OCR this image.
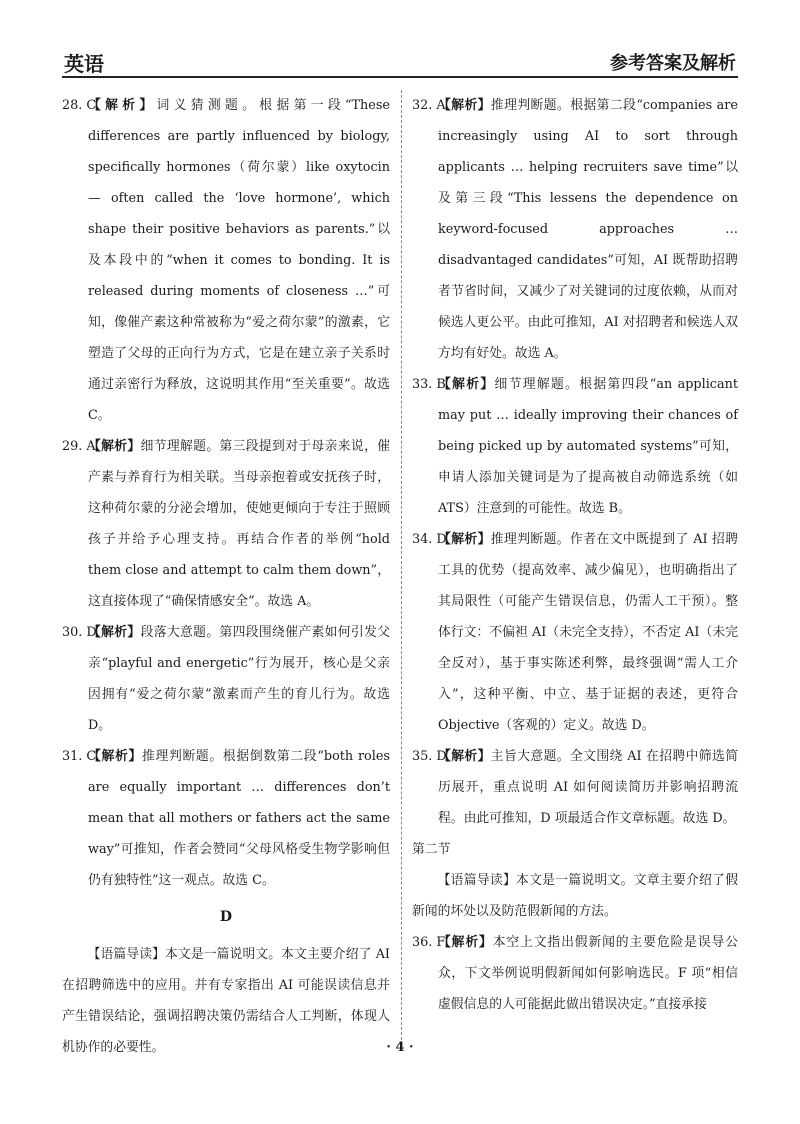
英语	参考答案及解析
28. C

【解析】词义猜测题。根据第一段“These differences are partly influenced by biology, specifically hormones（荷尔蒙）like oxytocin — often called the ‘love hormone’, which shape their positive behaviors as parents.”以及本段中的“when it comes to bonding. It is released during moments of closeness …”可知，像催产素这种常被称为“爱之荷尔蒙”的激素，它塑造了父母的正向行为方式，它是在建立亲子关系时通过亲密行为释放，这说明其作用“至关重要”。故选 C。

29. A

【解析】细节理解题。第三段提到对于母亲来说，催产素与养育行为相关联。当母亲抱着或安抚孩子时，这种荷尔蒙的分泌会增加，使她更倾向于专注于照顾孩子并给予心理支持。再结合作者的举例“hold them close and attempt to calm them down”，这直接体现了“确保情感安全”。故选 A。

30. D

【解析】段落大意题。第四段围绕催产素如何引发父亲“playful and energetic”行为展开，核心是父亲因拥有“爱之荷尔蒙”激素而产生的育儿行为。故选 D。

31. C

【解析】推理判断题。根据倒数第二段“both roles are equally important … differences don’t mean that all mothers or fathers act the same way”可推知，作者会赞同“父母风格受生物学影响但仍有独特性”这一观点。故选 C。

D

【语篇导读】本文是一篇说明文。本文主要介绍了 AI 在招聘筛选中的应用。并有专家指出 AI 可能误读信息并产生错误结论，强调招聘决策仍需结合人工判断，体现人机协作的必要性。

32. A

【解析】推理判断题。根据第二段“companies are increasingly using AI to sort through applicants … helping recruiters save time”以及第三段“This lessens the dependence on keyword-focused approaches … disadvantaged candidates”可知，AI 既帮助招聘者节省时间，又减少了对关键词的过度依赖，从而对候选人更公平。由此可推知，AI 对招聘者和候选人双方均有好处。故选 A。

33. B

【解析】细节理解题。根据第四段“an applicant may put … ideally improving their chances of being picked up by automated systems”可知，申请人添加关键词是为了提高被自动筛选系统（如 ATS）注意到的可能性。故选 B。

34. D

【解析】推理判断题。作者在文中既提到了 AI 招聘工具的优势（提高效率、减少偏见），也明确指出了其局限性（可能产生错误信息，仍需人工干预）。整体行文：不偏袒 AI（未完全支持），不否定 AI（未完全反对），基于事实陈述利弊，最终强调“需人工介入”，这种平衡、中立、基于证据的表述，更符合 Objective（客观的）定义。故选 D。

35. D

【解析】主旨大意题。全文围绕 AI 在招聘中筛选简历展开，重点说明 AI 如何阅读简历并影响招聘流程。由此可推知，D 项最适合作文章标题。故选 D。

第二节

【语篇导读】本文是一篇说明文。文章主要介绍了假新闻的坏处以及防范假新闻的方法。

36. F

【解析】本空上文指出假新闻的主要危险是误导公众，下文举例说明假新闻如何影响选民。F 项“相信虚假信息的人可能据此做出错误决定。”直接承接

· 4 ·
